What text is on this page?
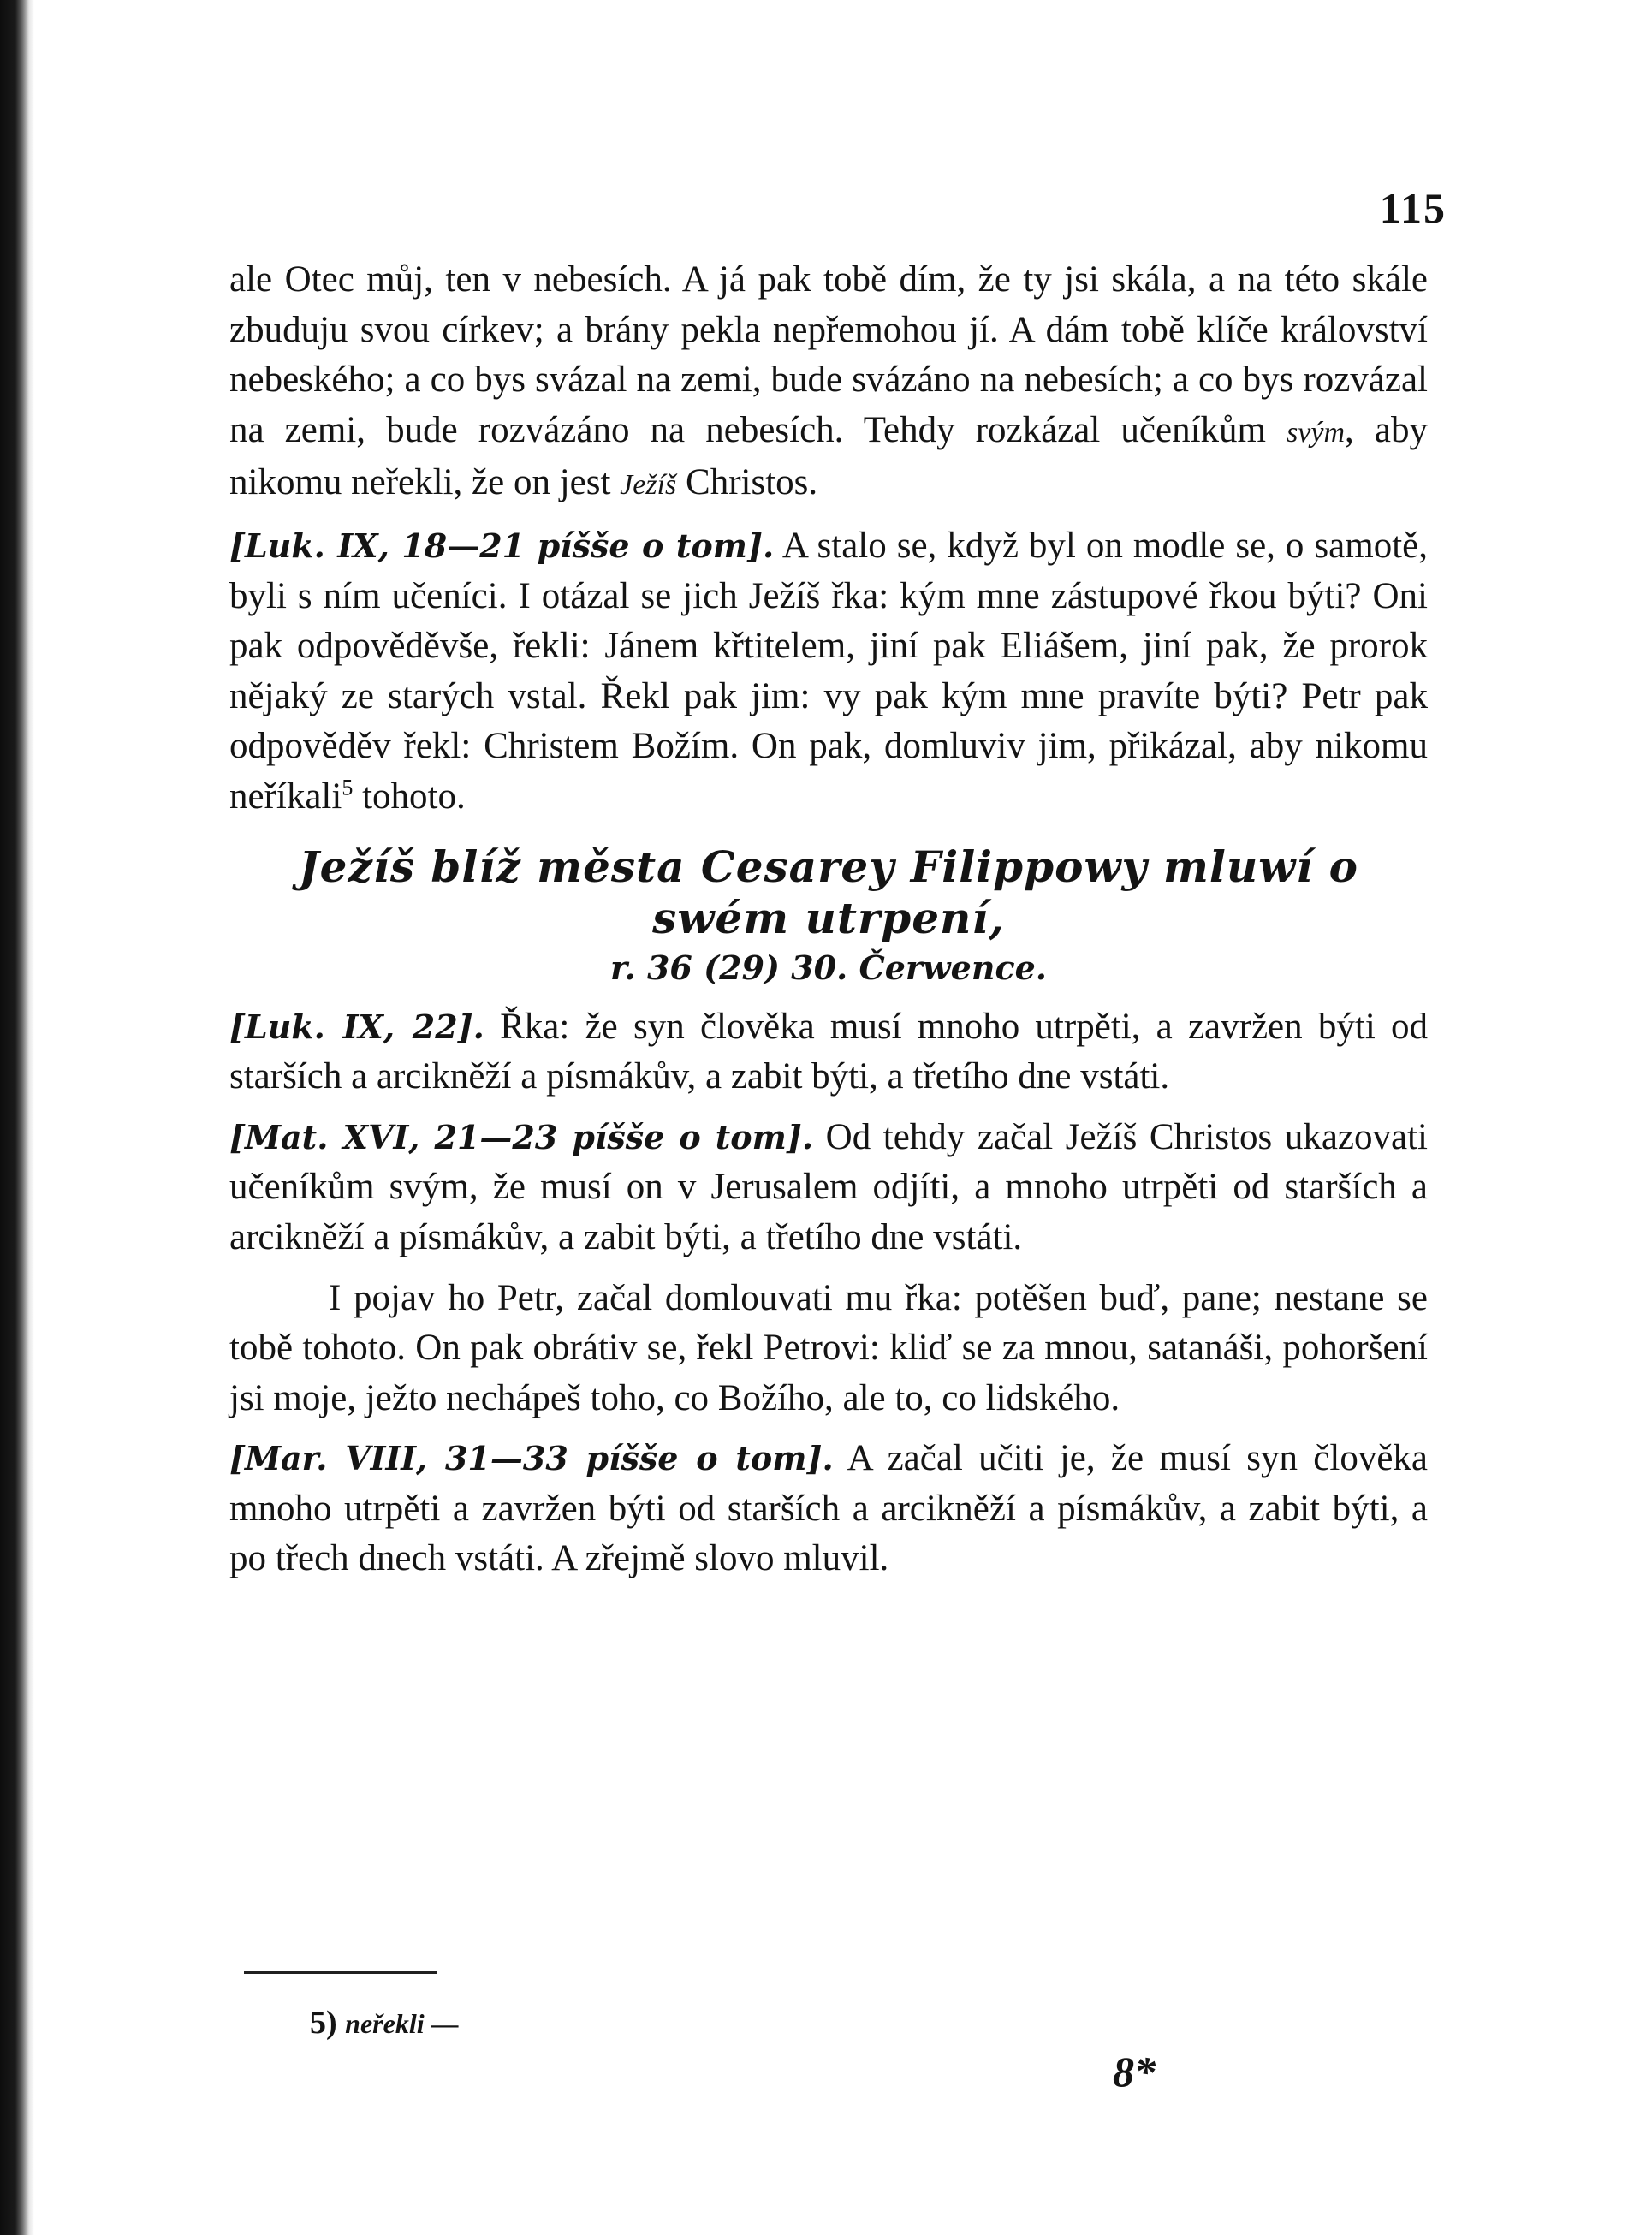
115

ale Otec můj, ten v nebesích. A já pak tobě dím, že ty jsi skála, a na této skále zbuduju svou církev; a brány pekla nepřemohou jí. A dám tobě klíče království nebeského; a co bys svázal na zemi, bude svázáno na nebesích; a co bys rozvázal na zemi, bude rozvázáno na nebesích. Tehdy rozkázal učeníkům svým, aby nikomu neřekli, že on jest Ježíš Christos.

[Luk. IX, 18—21 píšše o tom]. A stalo se, když byl on modle se, o samotě, byli s ním učeníci. I otázal se jich Ježíš řka: kým mne zástupové řkou býti? Oni pak odpověděvše, řekli: Jánem křtitelem, jiní pak Eliášem, jiní pak, že prorok nějaký ze starých vstal. Řekl pak jim: vy pak kým mne pravíte býti? Petr pak odpověděv řekl: Christem Božím. On pak, domluviv jim, přikázal, aby nikomu neříkali$^5$ tohoto.

Ježíš blíž města Cesarey Filippowy mluwí o swém utrpení,
r. 36 (29) 30. Čerwence.

[Luk. IX, 22]. Řka: že syn člověka musí mnoho utrpěti, a zavržen býti od starších a arcikněží a písmákův, a zabit býti, a třetího dne vstáti.

[Mat. XVI, 21—23 píšše o tom]. Od tehdy začal Ježíš Christos ukazovati učeníkům svým, že musí on v Jerusalem odjíti, a mnoho utrpěti od starších a arcikněží a písmákův, a zabit býti, a třetího dne vstáti.

I pojav ho Petr, začal domlouvati mu řka: potěšen buď, pane; nestane se tobě tohoto. On pak obrátiv se, řekl Petrovi: kliď se za mnou, satanáši, pohoršení jsi moje, ježto nechápeš toho, co Božího, ale to, co lidského.

[Mar. VIII, 31—33 píšše o tom]. A začal učiti je, že musí syn člověka mnoho utrpěti a zavržen býti od starších a arcikněží a písmákův, a zabit býti, a po třech dnech vstáti. A zřejmě slovo mluvil.

5) neřekli —
8*
